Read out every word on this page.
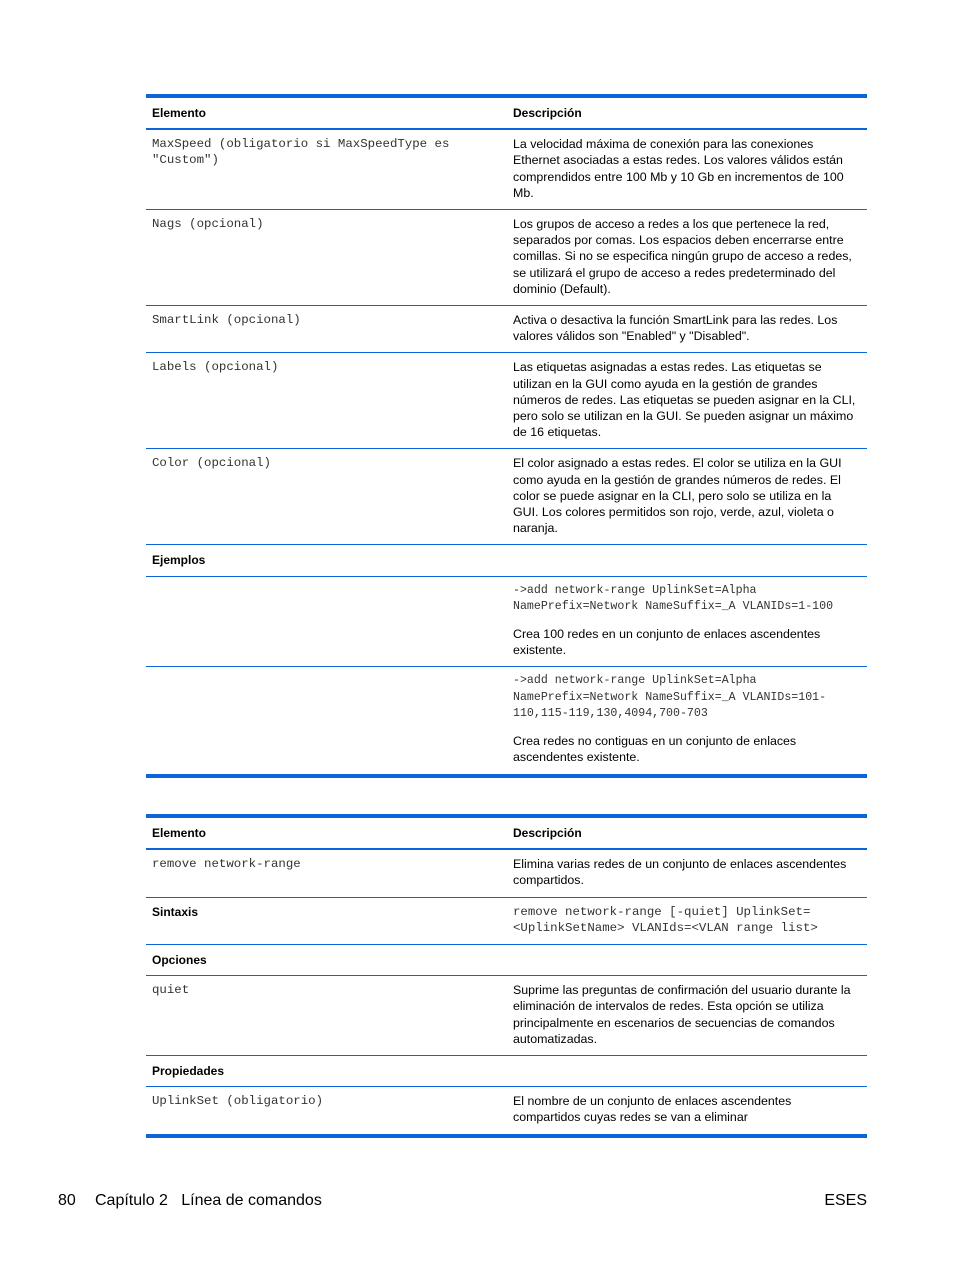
Elemento	Descripción
MaxSpeed (obligatorio si MaxSpeedType es "Custom")	La velocidad máxima de conexión para las conexiones Ethernet asociadas a estas redes. Los valores válidos están comprendidos entre 100 Mb y 10 Gb en incrementos de 100 Mb.
Nags (opcional)	Los grupos de acceso a redes a los que pertenece la red, separados por comas. Los espacios deben encerrarse entre comillas. Si no se especifica ningún grupo de acceso a redes, se utilizará el grupo de acceso a redes predeterminado del dominio (Default).
SmartLink (opcional)	Activa o desactiva la función SmartLink para las redes. Los valores válidos son "Enabled" y "Disabled".
Labels (opcional)	Las etiquetas asignadas a estas redes. Las etiquetas se utilizan en la GUI como ayuda en la gestión de grandes números de redes. Las etiquetas se pueden asignar en la CLI, pero solo se utilizan en la GUI. Se pueden asignar un máximo de 16 etiquetas.
Color (opcional)	El color asignado a estas redes. El color se utiliza en la GUI como ayuda en la gestión de grandes números de redes. El color se puede asignar en la CLI, pero solo se utiliza en la GUI. Los colores permitidos son rojo, verde, azul, violeta o naranja.
Ejemplos	

	->add network-range UplinkSet=Alpha NamePrefix=Network NameSuffix=_A VLANIDs=1-100
Crea 100 redes en un conjunto de enlaces ascendentes existente.

	->add network-range UplinkSet=Alpha NamePrefix=Network NameSuffix=_A VLANIDs=101-110,115-119,130,4094,700-703
Crea redes no contiguas en un conjunto de enlaces ascendentes existente.
Elemento	Descripción
remove network-range	Elimina varias redes de un conjunto de enlaces ascendentes compartidos.
Sintaxis	remove network-range [-quiet] UplinkSet=<UplinkSetName> VLANIds=<VLAN range list>
Opciones	
quiet	Suprime las preguntas de confirmación del usuario durante la eliminación de intervalos de redes. Esta opción se utiliza principalmente en escenarios de secuencias de comandos automatizadas.
Propiedades	
UplinkSet (obligatorio)	El nombre de un conjunto de enlaces ascendentes compartidos cuyas redes se van a eliminar
80 Capítulo 2   Línea de comandos	ESES
